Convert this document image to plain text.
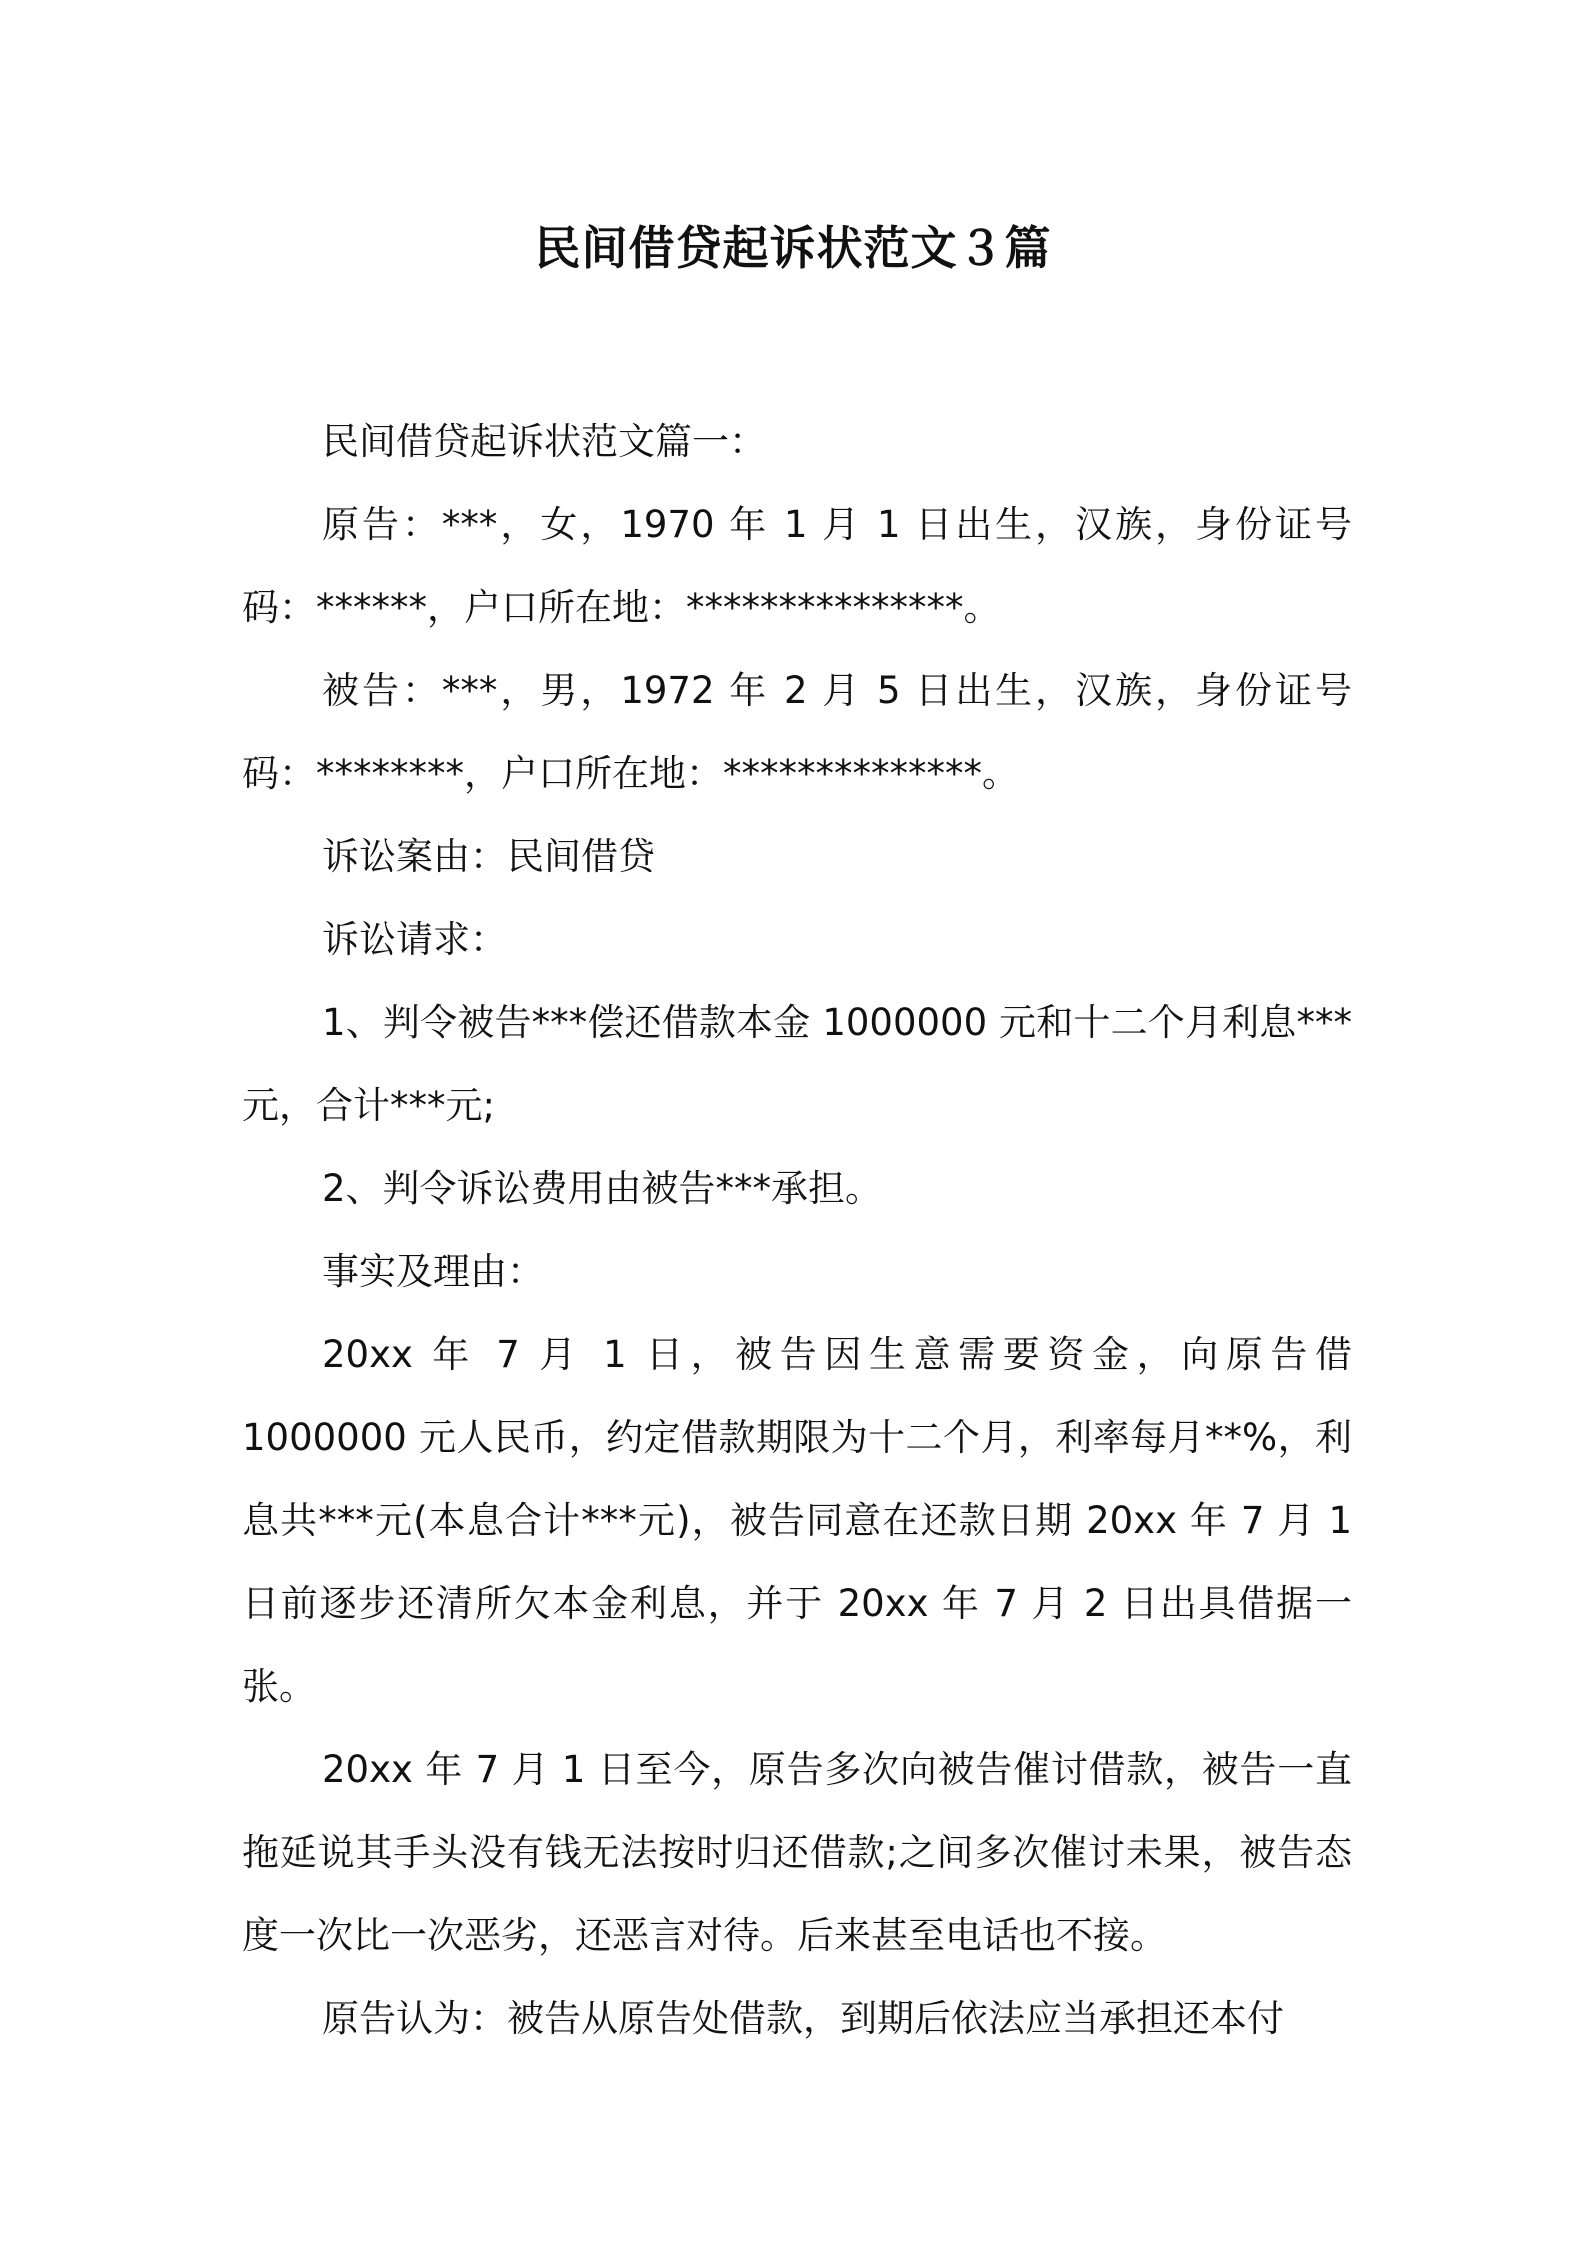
民间借贷起诉状范文３篇

民间借贷起诉状范文篇一：

原告：***，女，1970 年 1 月 1 日出生，汉族，身份证号码：******，户口所在地：***************。

被告：***，男，1972 年 2 月 5 日出生，汉族，身份证号码：********，户口所在地：**************。

诉讼案由：民间借贷

诉讼请求：

1、判令被告***偿还借款本金 1000000 元和十二个月利息***元，合计***元;

2、判令诉讼费用由被告***承担。

事实及理由：

20xx 年 7 月 1 日，被告因生意需要资金，向原告借 1000000 元人民币，约定借款期限为十二个月，利率每月**%，利息共***元(本息合计***元)，被告同意在还款日期 20xx 年 7 月 1 日前逐步还清所欠本金利息，并于 20xx 年 7 月 2 日出具借据一张。

20xx 年 7 月 1 日至今，原告多次向被告催讨借款，被告一直拖延说其手头没有钱无法按时归还借款;之间多次催讨未果，被告态度一次比一次恶劣，还恶言对待。后来甚至电话也不接。

原告认为：被告从原告处借款，到期后依法应当承担还本付
